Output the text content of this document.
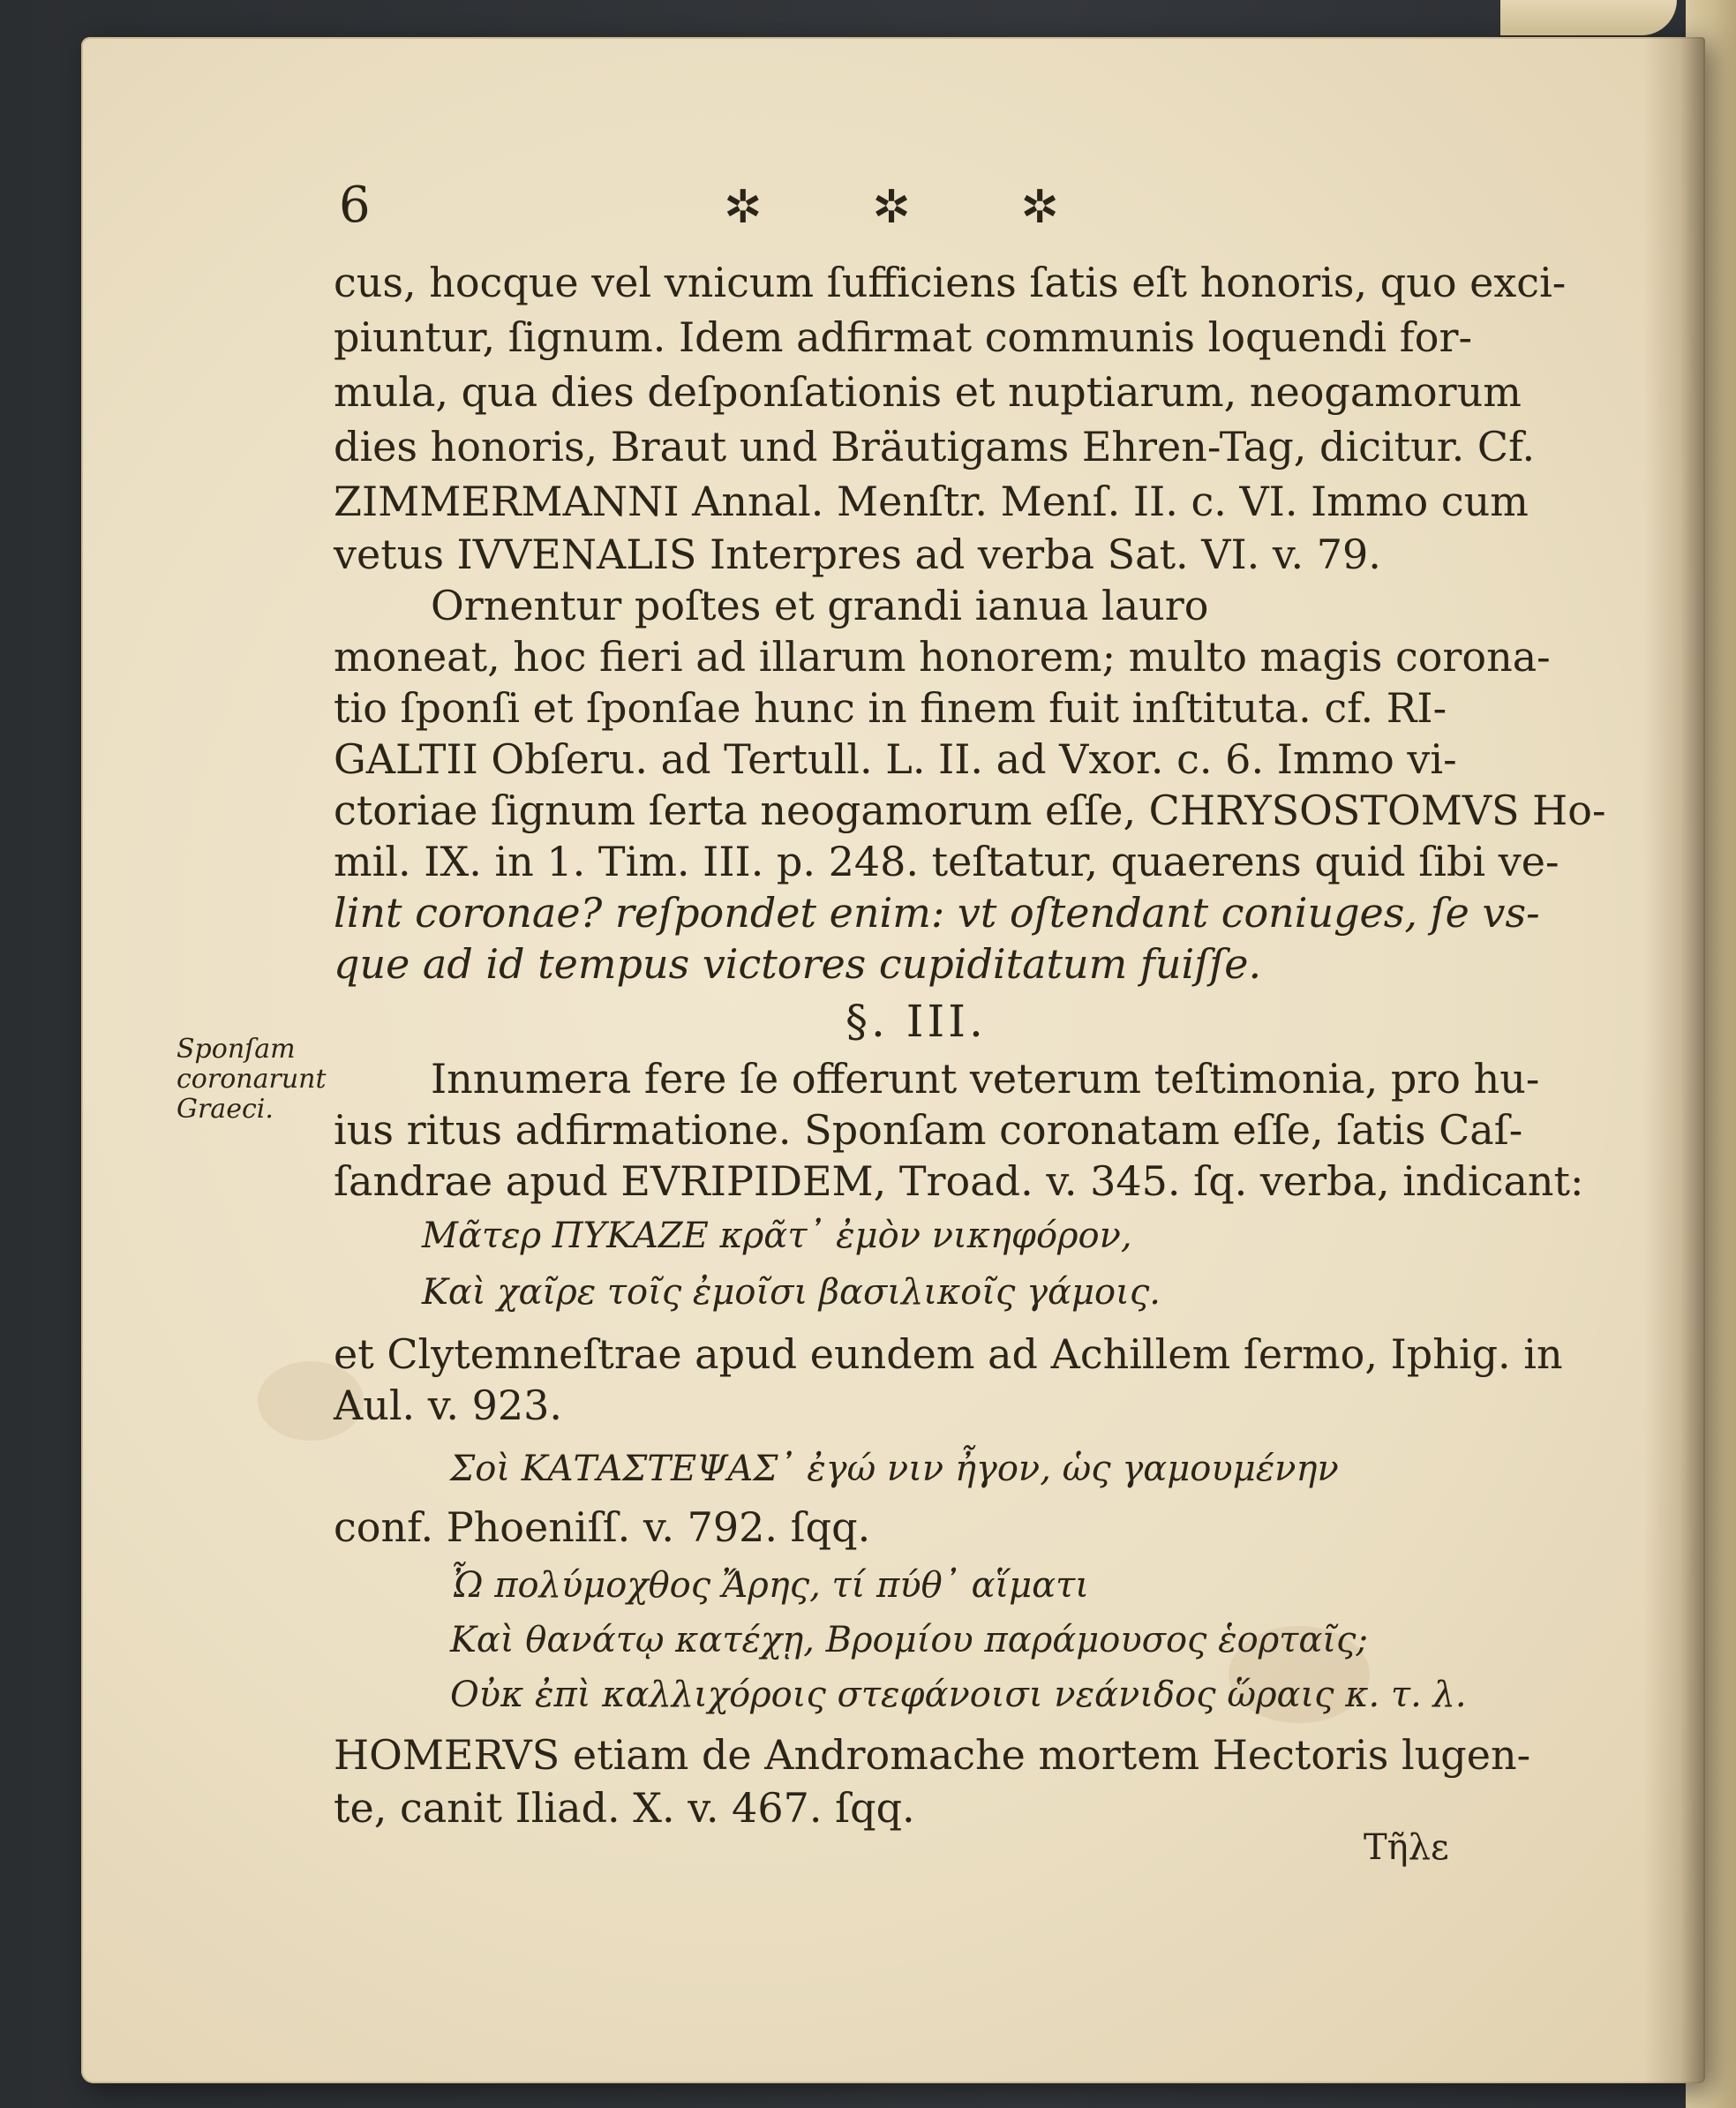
6	✲ ✲ ✲
cus, hocque vel vnicum ſufficiens ſatis eſt honoris, quo exci-
piuntur, ſignum. Idem adfirmat communis loquendi for-
mula, qua dies deſponſationis et nuptiarum, neogamorum
dies honoris, Braut und Bräutigams Ehren-Tag, dicitur. Cf.
ZIMMERMANNI Annal. Menſtr. Menſ. II. c. VI. Immo cum
vetus IVVENALIS Interpres ad verba Sat. VI. v. 79.
Ornentur poſtes et grandi ianua lauro
moneat, hoc fieri ad illarum honorem; multo magis corona-
tio ſponſi et ſponſae hunc in finem fuit inſtituta. cf. RI-
GALTII Obſeru. ad Tertull. L. II. ad Vxor. c. 6. Immo vi-
ctoriae ſignum ſerta neogamorum eſſe, CHRYSOSTOMVS Ho-
mil. IX. in 1. Tim. III. p. 248. teſtatur, quaerens quid ſibi ve-
lint coronae? reſpondet enim: vt oſtendant coniuges, ſe vs-
que ad id tempus victores cupiditatum fuiſſe.
§. III.
Sponſam
coronarunt
Graeci.
Innumera fere ſe offerunt veterum teſtimonia, pro hu-
ius ritus adfirmatione. Sponſam coronatam eſſe, ſatis Caſ-
ſandrae apud EVRIPIDEM, Troad. v. 345. ſq. verba, indicant:
Μᾶτερ ΠΥΚΑΖΕ κρᾶτ᾽ ἐμὸν νικηφόρον,
Καὶ χαῖρε τοῖς ἐμοῖσι βασιλικοῖς γάμοις.
et Clytemneſtrae apud eundem ad Achillem ſermo, Iphig. in
Aul. v. 923.
Σοὶ ΚΑΤΑΣΤΕΨΑΣ᾽ ἐγώ νιν ἦγον, ὡς γαμουμένην
conf. Phoeniſſ. v. 792. ſqq.
Ὦ πολύμοχθος Ἄρης, τί πύθ᾽ αἵματι
Καὶ θανάτῳ κατέχῃ, Βρομίου παράμουσος ἑορταῖς;
Οὐκ ἐπὶ καλλιχόροις στεφάνοισι νεάνιδος ὥραις κ. τ. λ.
HOMERVS etiam de Andromache mortem Hectoris lugen-
te, canit Iliad. X. v. 467. ſqq.
Τῆλε
